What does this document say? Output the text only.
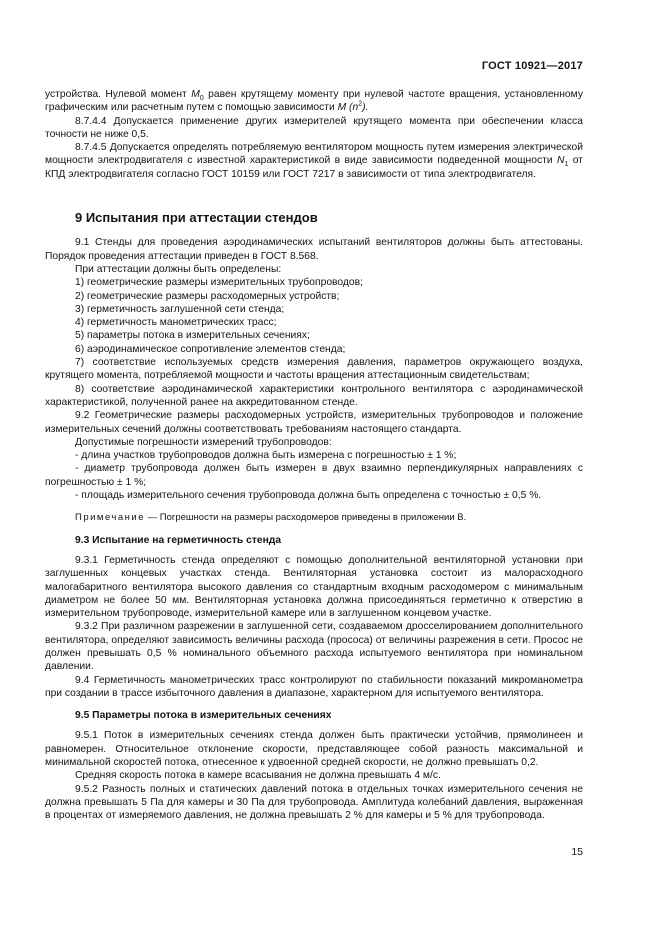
ГОСТ 10921—2017

устройства. Нулевой момент $M_0$ равен крутящему моменту при нулевой частоте вращения, установленному графическим или расчетным путем с помощью зависимости M $(n^2)$.

8.7.4.4 Допускается применение других измерителей крутящего момента при обеспечении класса точности не ниже 0,5.

8.7.4.5 Допускается определять потребляемую вентилятором мощность путем измерения электрической мощности электродвигателя с известной характеристикой в виде зависимости подведенной мощности $N_1$ от КПД электродвигателя согласно ГОСТ 10159 или ГОСТ 7217 в зависимости от типа электродвигателя.

9 Испытания при аттестации стендов

9.1 Стенды для проведения аэродинамических испытаний вентиляторов должны быть аттестованы. Порядок проведения аттестации приведен в ГОСТ 8.568.

При аттестации должны быть определены:

1) геометрические размеры измерительных трубопроводов;

2) геометрические размеры расходомерных устройств;

3) герметичность заглушенной сети стенда;

4) герметичность манометрических трасс;

5) параметры потока в измерительных сечениях;

6) аэродинамическое сопротивление элементов стенда;

7) соответствие используемых средств измерения давления, параметров окружающего воздуха, крутящего момента, потребляемой мощности и частоты вращения аттестационным свидетельствам;

8) соответствие аэродинамической характеристики контрольного вентилятора с аэродинамической характеристикой, полученной ранее на аккредитованном стенде.

9.2 Геометрические размеры расходомерных устройств, измерительных трубопроводов и положение измерительных сечений должны соответствовать требованиям настоящего стандарта.

Допустимые погрешности измерений трубопроводов:

- длина участков трубопроводов должна быть измерена с погрешностью ± 1 %;

- диаметр трубопровода должен быть измерен в двух взаимно перпендикулярных направлениях с погрешностью ± 1 %;

- площадь измерительного сечения трубопровода должна быть определена с точностью ± 0,5 %.

Примечание — Погрешности на размеры расходомеров приведены в приложении В.
9.3 Испытание на герметичность стенда

9.3.1 Герметичность стенда определяют с помощью дополнительной вентиляторной установки при заглушенных концевых участках стенда. Вентиляторная установка состоит из малорасходного малогабаритного вентилятора высокого давления со стандартным входным расходомером с минимальным диаметром не более 50 мм. Вентиляторная установка должна присоединяться герметично к отверстию в измерительном трубопроводе, измерительной камере или в заглушенном концевом участке.

9.3.2 При различном разрежении в заглушенной сети, создаваемом дросселированием дополнительного вентилятора, определяют зависимость величины расхода (прососа) от величины разрежения в сети. Просос не должен превышать 0,5 % номинального объемного расхода испытуемого вентилятора при номинальном давлении.

9.4 Герметичность манометрических трасс контролируют по стабильности показаний микроманометра при создании в трассе избыточного давления в диапазоне, характерном для испытуемого вентилятора.

9.5 Параметры потока в измерительных сечениях

9.5.1 Поток в измерительных сечениях стенда должен быть практически устойчив, прямолинеен и равномерен. Относительное отклонение скорости, представляющее собой разность максимальной и минимальной скоростей потока, отнесенное к удвоенной средней скорости, не должно превышать 0,2.

Средняя скорость потока в камере всасывания не должна превышать 4 м/с.

9.5.2 Разность полных и статических давлений потока в отдельных точках измерительного сечения не должна превышать 5 Па для камеры и 30 Па для трубопровода. Амплитуда колебаний давления, выраженная в процентах от измеряемого давления, не должна превышать 2 % для камеры и 5 % для трубопровода.

15
